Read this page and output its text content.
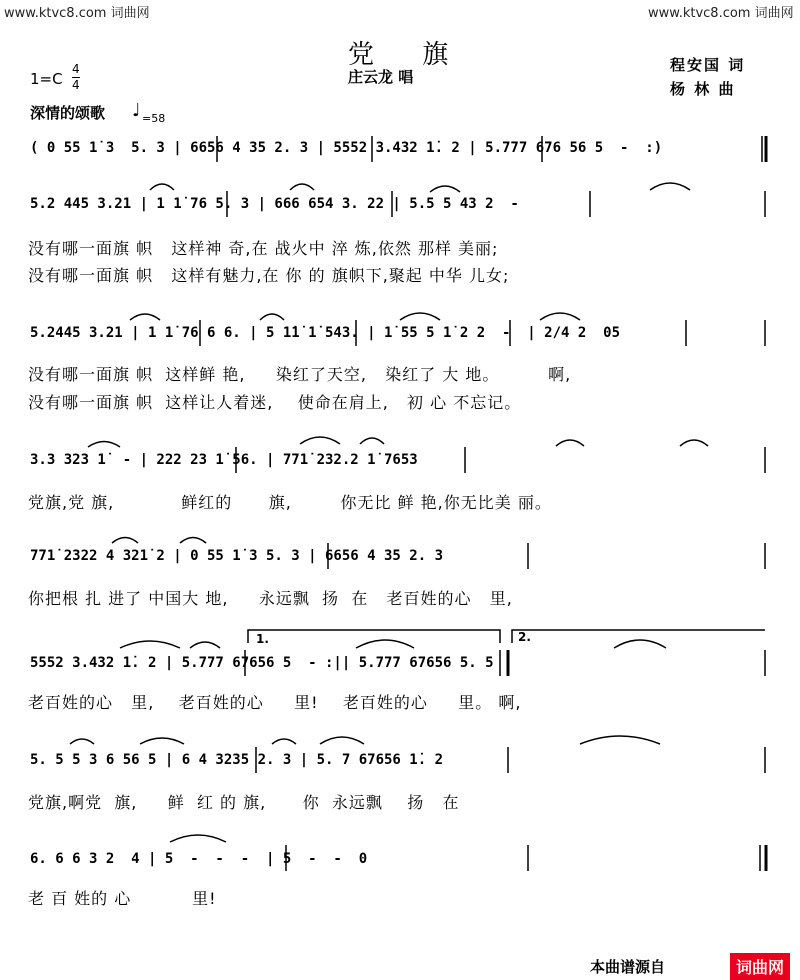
www.ktvc8.com 词曲网	www.ktvc8.com 词曲网
党 旗
庄云龙 唱
程安国 词
杨 林 曲
1=C
4
4
深情的颂歌 ♩ =58
( 0 55 1̇ 3  5. 3 | 6656 4 35 2. 3 | 5552 3.432 1̇. 2 | 5.777 676 56 5  -  :)
5.2 445 3.21 | 1 1̇ 76 5. 3 | 666 654 3. 22 | 5.5 5 43 2  -
没有哪一面旗 帜   这样神 奇,在 战火中 淬 炼,依然 那样 美丽;
没有哪一面旗 帜   这样有魅力,在 你 的 旗帜下,聚起 中华 儿女;
5.2445 3.21 | 1 1̇ 76 6 6. | 5 1̇1̇ 1̇ 543. | 1̇ 55 5 1̇ 2 2  -  | 2/4 2  05
没有哪一面旗 帜  这样鲜 艳,     染红了天空,   染红了 大 地。        啊,
没有哪一面旗 帜  这样让人着迷,    使命在肩上,   初 心 不忘记。
3.3 323 1̇  - | 222 23 1̇ 56. | 771̇ 232.2 1̇ 7653
党旗,党 旗,           鲜红的      旗,        你无比 鲜 艳,你无比美 丽。
771̇ 2322 4 321̇ 2 | 0 55 1̇ 3 5. 3 | 6656 4 35 2. 3
你把根 扎 进了 中国大 地,     永远飘  扬  在   老百姓的心   里,
1.	2.
5552 3.432 1̇. 2 | 5.777 67656 5  - :|| 5.777 67656 5. 5
老百姓的心   里,    老百姓的心     里!    老百姓的心     里。 啊,
5. 5 5 3 6 56 5 | 6 4 3235 2. 3 | 5. 7 67656 1̇. 2
党旗,啊党  旗,     鲜  红 的 旗,      你  永远飘    扬   在
6. 6 6 3 2  4 | 5  -  -  -  | 5  -  -  0
老 百 姓的 心          里!
本曲谱源自	词曲网
